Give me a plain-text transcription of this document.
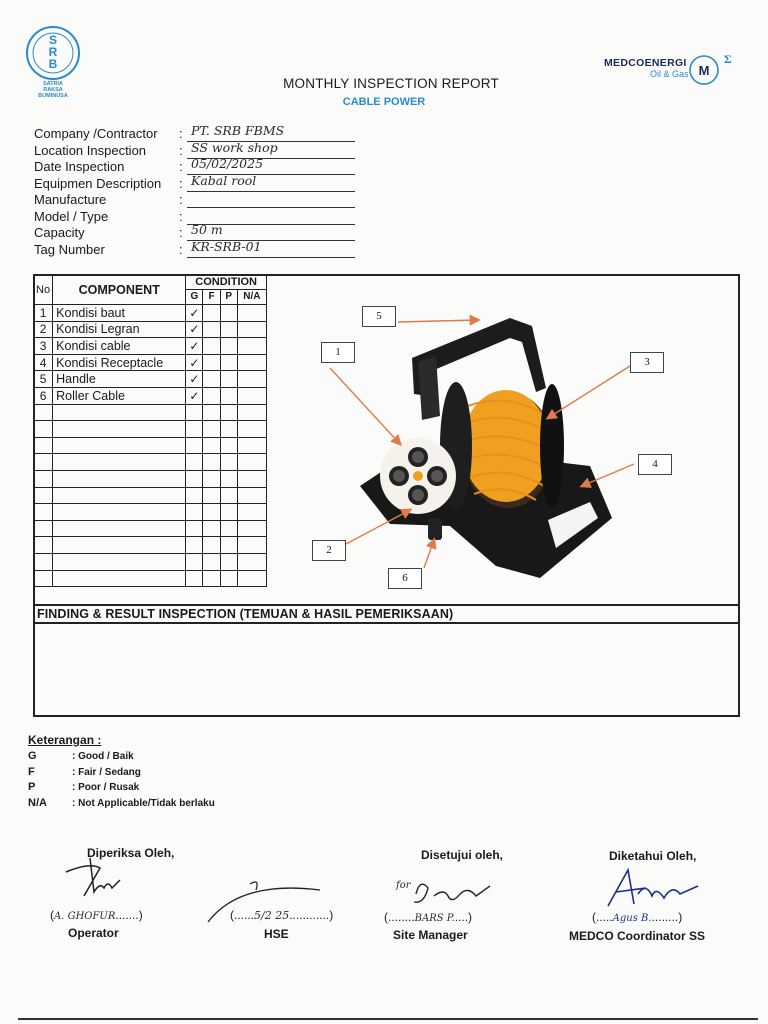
S
R
B
SATRIA
RAKSA
BUMINUSA
MEDCOENERGI
Oil & Gas M
Σ
MONTHLY INSPECTION REPORT
CABLE POWER
Company /Contractor : PT. SRB FBMS
Location Inspection	: SS work shop
Date Inspection	: 05/02/2025
Equipmen Description : Kabal rool
Manufacture	:
Model / Type	:
Capacity	: 50 m
Tag Number	: KR-SRB-01
No	COMPONENT	CONDITION			
		G	F	P	N/A
1	Kondisi baut	✓			
2	Kondisi Legran	✓			
3	Kondisi cable	✓			
4	Kondisi Receptacle	✓			
5	Handle	✓			
6	Roller Cable	✓			

5
1
3
4
2
6
FINDING & RESULT INSPECTION (TEMUAN & HASIL PEMERIKSAAN)
Keterangan :
G	: Good / Baik
F	: Fair / Sedang
P	: Poor / Rusak
N/A	: Not Applicable/Tidak berlaku
Diperiksa Oleh,	Disetujui oleh,	Diketahui Oleh,
(A. GHOFUR.......)	(......5/2 25............)	(........BARS P.....)
for
(.....Agus B.........)
Operator	HSE	Site Manager	MEDCO Coordinator SS
